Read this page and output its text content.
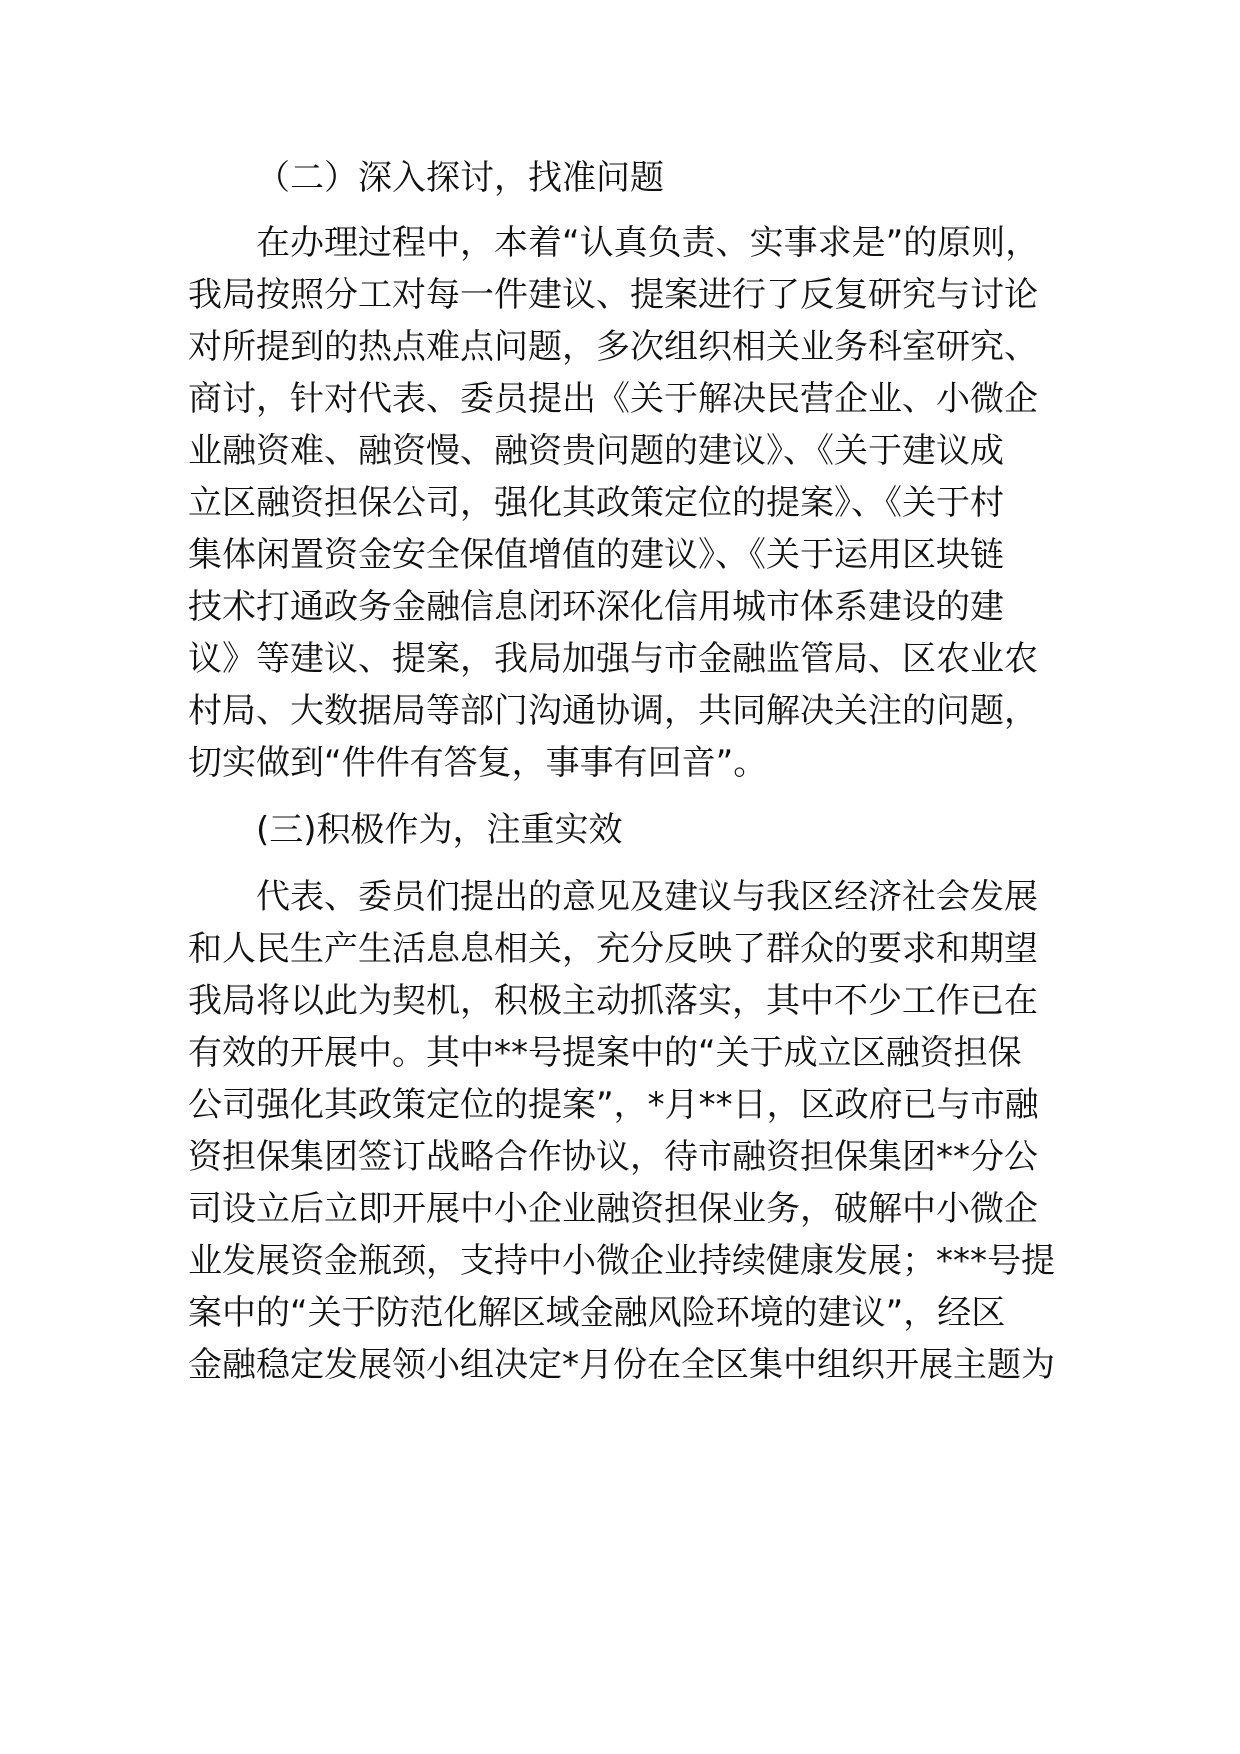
（二）深入探讨，找准问题
在办理过程中，本着“认真负责、实事求是”的原则，
我局按照分工对每一件建议、提案进行了反复研究与讨论
对所提到的热点难点问题，多次组织相关业务科室研究、
商讨，针对代表、委员提出《关于解决民营企业、小微企
业融资难、融资慢、融资贵问题的建议》、《关于建议成
立区融资担保公司，强化其政策定位的提案》、《关于村
集体闲置资金安全保值增值的建议》、《关于运用区块链
技术打通政务金融信息闭环深化信用城市体系建设的建
议》等建议、提案，我局加强与市金融监管局、区农业农
村局、大数据局等部门沟通协调，共同解决关注的问题，
切实做到“件件有答复，事事有回音”。
(三)积极作为，注重实效
代表、委员们提出的意见及建议与我区经济社会发展
和人民生产生活息息相关，充分反映了群众的要求和期望
我局将以此为契机，积极主动抓落实，其中不少工作已在
有效的开展中。其中**号提案中的“关于成立区融资担保
公司强化其政策定位的提案”，*月**日，区政府已与市融
资担保集团签订战略合作协议，待市融资担保集团**分公
司设立后立即开展中小企业融资担保业务，破解中小微企
业发展资金瓶颈，支持中小微企业持续健康发展；***号提
案中的“关于防范化解区域金融风险环境的建议”，经区
金融稳定发展领小组决定*月份在全区集中组织开展主题为
